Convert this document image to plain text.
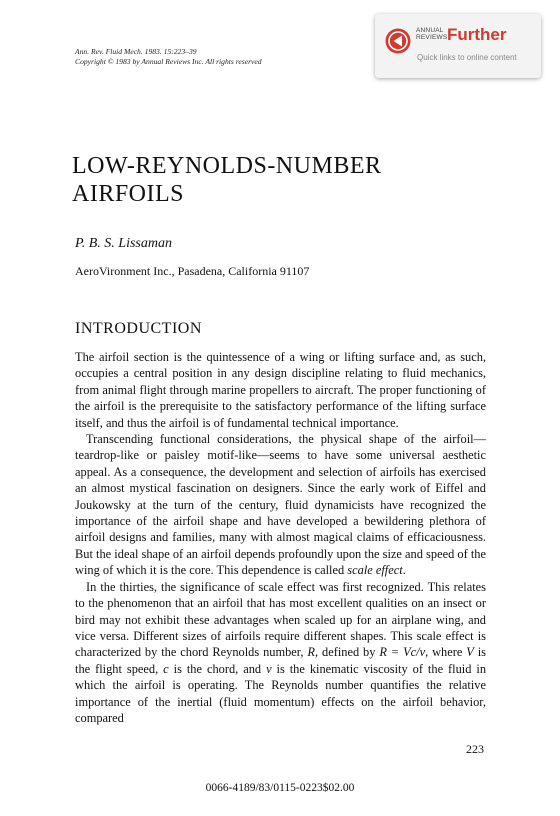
Ann. Rev. Fluid Mech. 1983. 15:223–39
Copyright © 1983 by Annual Reviews Inc. All rights reserved
ANNUAL
REVIEWS Further
Quick links to online content
LOW-REYNOLDS-NUMBER AIRFOILS
P. B. S. Lissaman
AeroVironment Inc., Pasadena, California 91107
INTRODUCTION

The airfoil section is the quintessence of a wing or lifting surface and, as such, occupies a central position in any design discipline relating to fluid mechanics, from animal flight through marine propellers to aircraft. The proper functioning of the airfoil is the prerequisite to the satisfactory performance of the lifting surface itself, and thus the airfoil is of fundamental technical importance.

Transcending functional considerations, the physical shape of the airfoil—teardrop-like or paisley motif-like—seems to have some universal aesthetic appeal. As a consequence, the development and selection of airfoils has exercised an almost mystical fascination on designers. Since the early work of Eiffel and Joukowsky at the turn of the century, fluid dynamicists have recognized the importance of the airfoil shape and have developed a bewildering plethora of airfoil designs and families, many with almost magical claims of efficaciousness. But the ideal shape of an airfoil depends profoundly upon the size and speed of the wing of which it is the core. This dependence is called scale effect.

In the thirties, the significance of scale effect was first recognized. This relates to the phenomenon that an airfoil that has most excellent qualities on an insect or bird may not exhibit these advantages when scaled up for an airplane wing, and vice versa. Different sizes of airfoils require different shapes. This scale effect is characterized by the chord Reynolds number, R, defined by R = Vc/ν, where V is the flight speed, c is the chord, and ν is the kinematic viscosity of the fluid in which the airfoil is operating. The Reynolds number quantifies the relative importance of the inertial (fluid momentum) effects on the airfoil behavior, compared

223
0066-4189/83/0115-0223$02.00
